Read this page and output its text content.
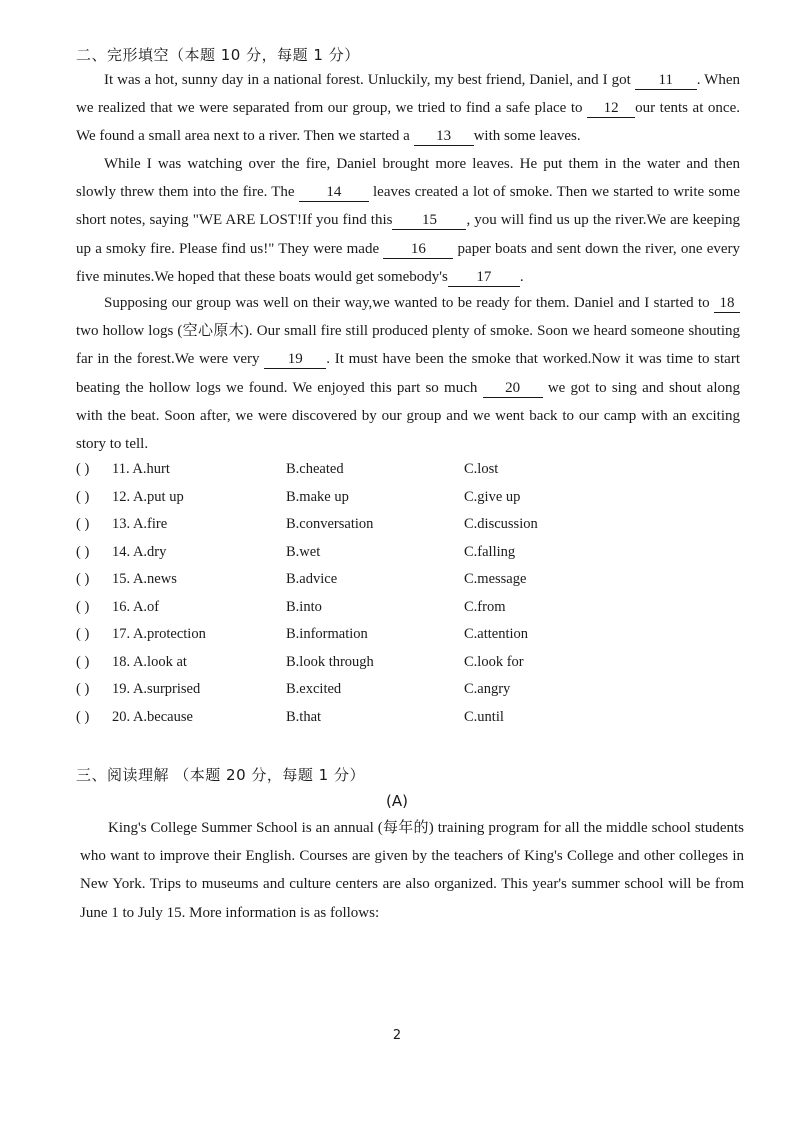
二、完形填空（本题 10 分，每题 1 分）

It was a hot, sunny day in a national forest. Unluckily, my best friend, Daniel, and I got 11 . When we realized that we were separated from our group, we tried to find a safe place to 12 our tents at once. We found a small area next to a river. Then we started a 13 with some leaves.

While I was watching over the fire, Daniel brought more leaves. He put them in the water and then slowly threw them into the fire. The 14 leaves created a lot of smoke. Then we started to write some short notes, saying "WE ARE LOST!If you find this 15 , you will find us up the river.We are keeping up a smoky fire. Please find us!" They were made 16 paper boats and sent down the river, one every five minutes.We hoped that these boats would get somebody's 17 .

Supposing our group was well on their way,we wanted to be ready for them. Daniel and I started to 18two hollow logs (空心原木). Our small fire still produced plenty of smoke. Soon we heard someone shouting far in the forest.We were very 19 . It must have been the smoke that worked.Now it was time to start beating the hollow logs we found. We enjoyed this part so much 20 we got to sing and shout along with the beat. Soon after, we were discovered by our group and we went back to our camp with an exciting story to tell.

( ) 11. A.hurt	B.cheated	C.lost
( ) 12. A.put up	B.make up	C.give up
( ) 13. A.fire	B.conversation	C.discussion
( ) 14. A.dry	B.wet	C.falling
( ) 15. A.news	B.advice	C.message
( ) 16. A.of	B.into	C.from
( ) 17. A.protection	B.information	C.attention
( ) 18. A.look at	B.look through	C.look for
( ) 19. A.surprised	B.excited	C.angry
( ) 20. A.because	B.that	C.until
三、阅读理解 （本题 20 分，每题 1 分）
(A)

King's College Summer School is an annual (每年的) training program for all the middle school students who want to improve their English. Courses are given by the teachers of King's College and other colleges in New York. Trips to museums and culture centers are also organized. This year's summer school will be from June 1 to July 15. More information is as follows:

2
